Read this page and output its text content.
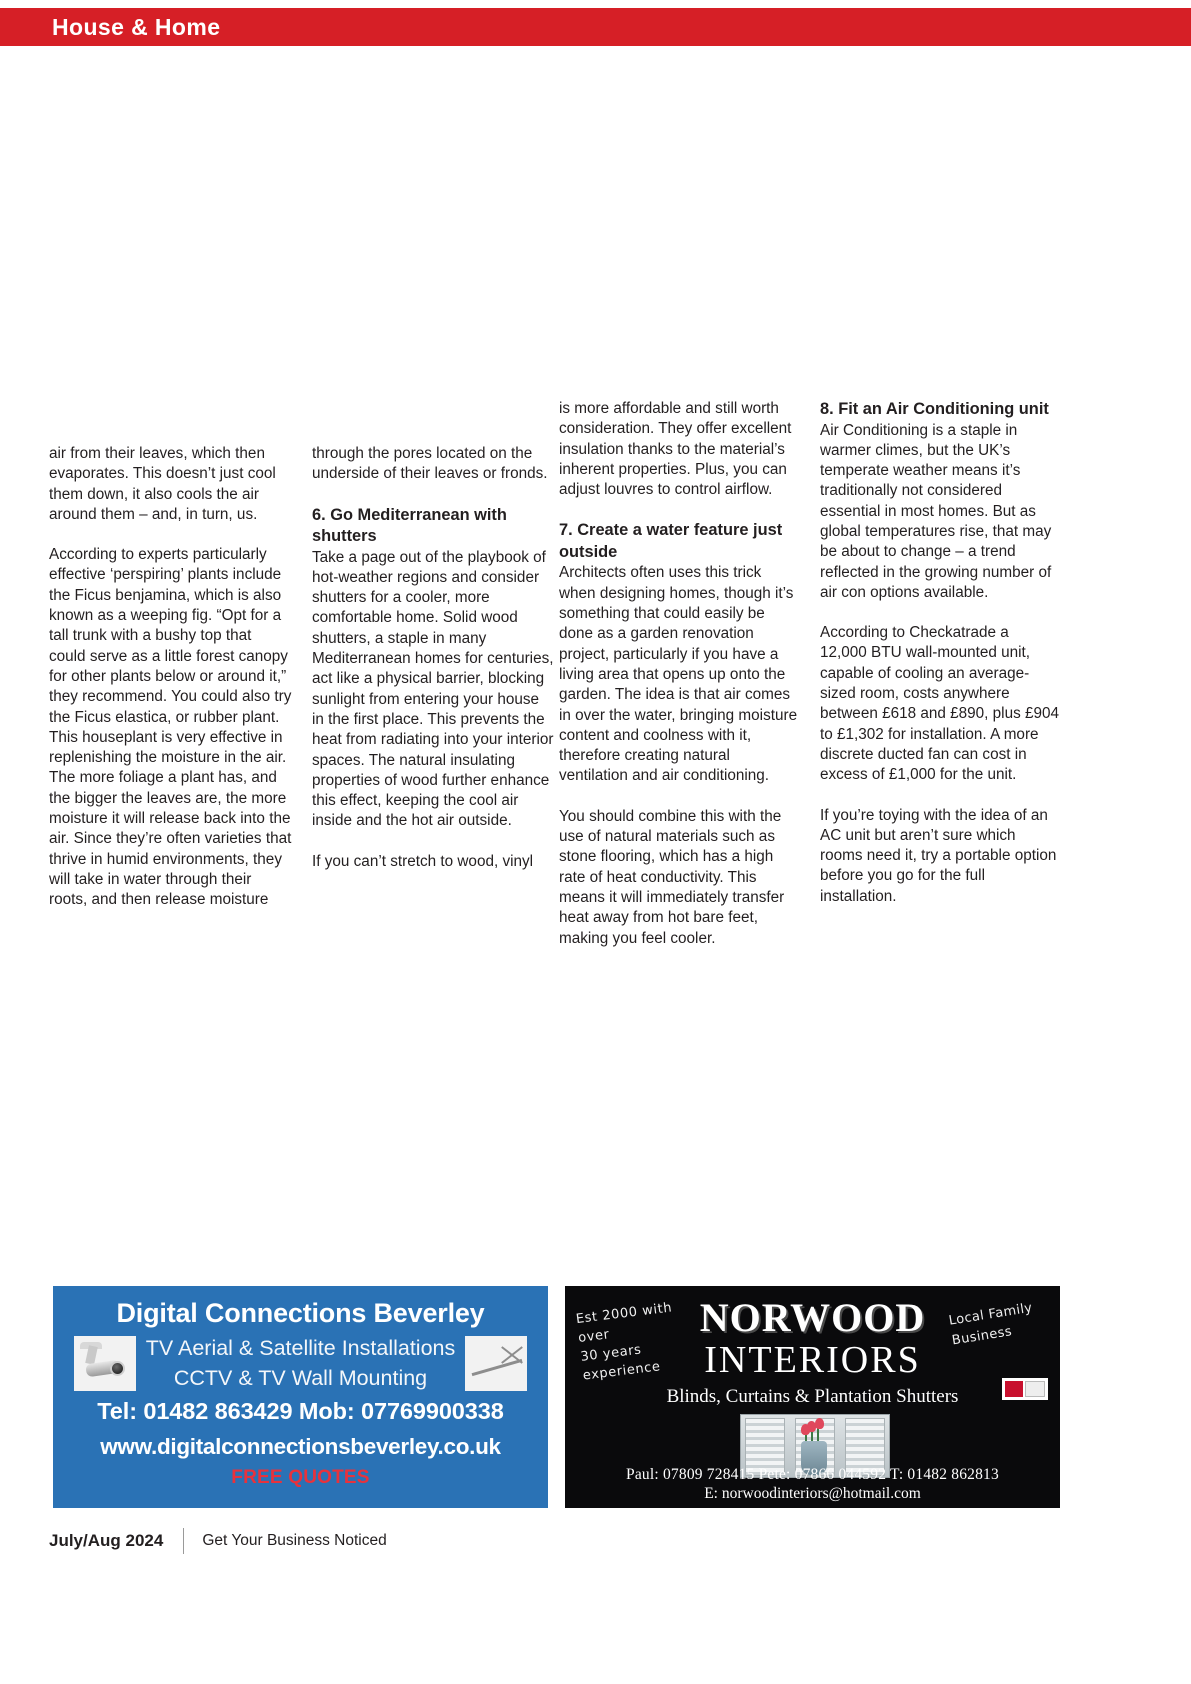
House & Home

air from their leaves, which then evaporates. This doesn’t just cool them down, it also cools the air around them – and, in turn, us.

According to experts particularly effective ‘perspiring’ plants include the Ficus benjamina, which is also known as a weeping fig. “Opt for a tall trunk with a bushy top that could serve as a little forest canopy for other plants below or around it,” they recommend. You could also try the Ficus elastica, or rubber plant. This houseplant is very effective in replenishing the moisture in the air. The more foliage a plant has, and the bigger the leaves are, the more moisture it will release back into the air. Since they’re often varieties that thrive in humid environments, they will take in water through their roots, and then release moisture

through the pores located on the underside of their leaves or fronds.

6. Go Mediterranean with shutters

Take a page out of the playbook of hot-weather regions and consider shutters for a cooler, more comfortable home. Solid wood shutters, a staple in many Mediterranean homes for centuries, act like a physical barrier, blocking sunlight from entering your house in the first place. This prevents the heat from radiating into your interior spaces. The natural insulating properties of wood further enhance this effect, keeping the cool air inside and the hot air outside.

If you can’t stretch to wood, vinyl

is more affordable and still worth consideration. They offer excellent insulation thanks to the material’s inherent properties. Plus, you can adjust louvres to control airflow.

7. Create a water feature just outside

Architects often uses this trick when designing homes, though it’s something that could easily be done as a garden renovation project, particularly if you have a living area that opens up onto the garden. The idea is that air comes in over the water, bringing moisture content and coolness with it, therefore creating natural ventilation and air conditioning.

You should combine this with the use of natural materials such as stone flooring, which has a high rate of heat conductivity. This means it will immediately transfer heat away from hot bare feet, making you feel cooler.

8. Fit an Air Conditioning unit

Air Conditioning is a staple in warmer climes, but the UK’s temperate weather means it’s traditionally not considered essential in most homes. But as global temperatures rise, that may be about to change – a trend reflected in the growing number of air con options available.

According to Checkatrade a 12,000 BTU wall-mounted unit, capable of cooling an average-sized room, costs anywhere between £618 and £890, plus £904 to £1,302 for installation. A more discrete ducted fan can cost in excess of £1,000 for the unit.

If you’re toying with the idea of an AC unit but aren’t sure which rooms need it, try a portable option before you go for the full installation.

Digital Connections Beverley
TV Aerial & Satellite Installations
CCTV & TV Wall Mounting
Tel: 01482 863429 Mob: 07769900338
www.digitalconnectionsbeverley.co.uk
FREE QUOTES
Est 2000 with over
30 years experience
Local Family
Business
NORWOOD
INTERIORS
Blinds, Curtains & Plantation Shutters
Paul: 07809 728415 Pete: 07866 044592 T: 01482 862813
E: norwoodinteriors@hotmail.com
July/Aug 2024	Get Your Business Noticed
